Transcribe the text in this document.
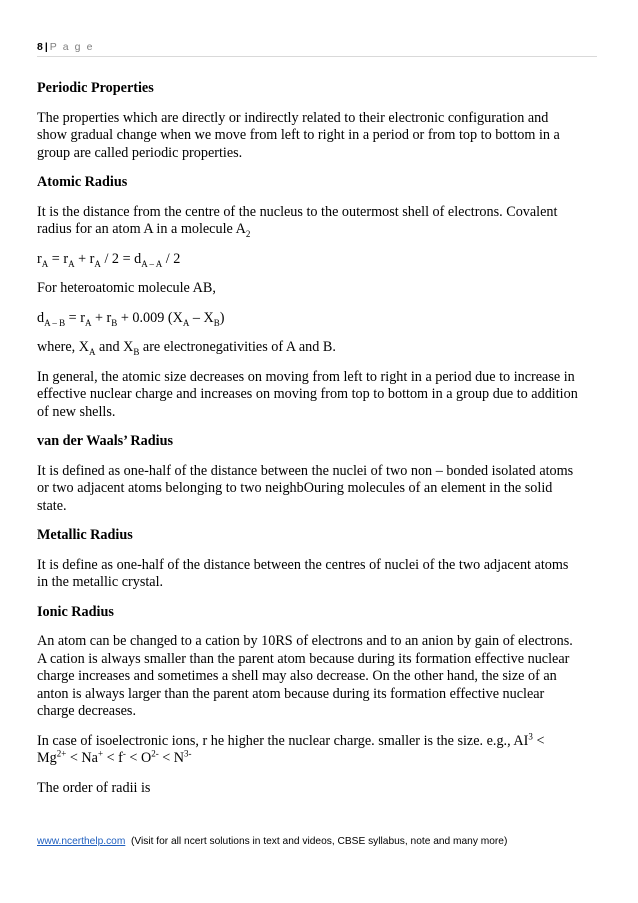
8 | P a g e

Periodic Properties

The properties which are directly or indirectly related to their electronic configuration and

show gradual change when we move from left to right in a period or from top to bottom in a

group are called periodic properties.

Atomic Radius

It is the distance from the centre of the nucleus to the outermost shell of electrons. Covalent

radius for an atom A in a molecule $A_2$

$r_A = r_A + r_A / 2 = d_{A - A} / 2$

For heteroatomic molecule AB,

$d_{A - B} = r_A + r_B + 0.009$ $(X_A - X_B)$

where, $X_A$ and $X_B$ are electronegativities of A and B.

In general, the atomic size decreases on moving from left to right in a period due to increase in

effective nuclear charge and increases on moving from top to bottom in a group due to addition

of new shells.

van der Waals’ Radius

It is defined as one-half of the distance between the nuclei of two non – bonded isolated atoms

or two adjacent atoms belonging to two neighbOuring molecules of an element in the solid

state.

Metallic Radius

It is define as one-half of the distance between the centres of nuclei of the two adjacent atoms

in the metallic crystal.

Ionic Radius

An atom can be changed to a cation by 10RS of electrons and to an anion by gain of electrons.

A cation is always smaller than the parent atom because during its formation effective nuclear

charge increases and sometimes a shell may also decrease. On the other hand, the size of an

anton is always larger than the parent atom because during its formation effective nuclear

charge decreases.

In case of isoelectronic ions, r he higher the nuclear charge. smaller is the size. e.g., $AI^3$ <

$Mg^{2+} < Na^+ < f^- < O^{2-} < N^{3-}$

The order of radii is

www.ncerthelp.com (Visit for all ncert solutions in text and videos, CBSE syllabus, note and many more)
